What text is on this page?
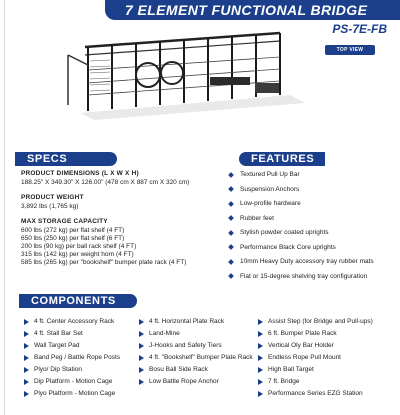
7 ELEMENT FUNCTIONAL BRIDGE
PS-7E-FB
TOP VIEW
SPECS
PRODUCT DIMENSIONS (L X W X H)
188.25" X 349.30" X 126.00" (478 cm X 887 cm X 320 cm)
PRODUCT WEIGHT
3,892 lbs (1,765 kg)
MAX STORAGE CAPACITY
600 lbs (272 kg) per flat shelf (4 FT)
650 lbs (250 kg) per flat shelf (6 FT)
200 lbs (90 kg) per ball rack shelf (4 FT)
315 lbs (142 kg) per weight horn (4 FT)
585 lbs (265 kg) per "bookshelf" bumper plate rack (4 FT)
FEATURES
Textured Pull Up Bar
Suspension Anchors
Low-profile hardware
Rubber feet
Stylish powder coated uprights
Performance Black Core uprights
10mm Heavy Duty accessory tray rubber mats
Flat or 15-degree shelving tray configuration
COMPONENTS
4 ft. Center Accessory Rack
4 ft. Stall Bar Set
Wall Target Pad
Band Peg / Battle Rope Posts
Plyo/ Dip Station
Dip Platform - Motion Cage
Plyo Platform - Motion Cage
4 ft. Horizontal Plate Rack
Land-Mine
J-Hooks and Safety Tiers
4 ft. "Bookshelf" Bumper Plate Rack
Bosu Ball Side Rack
Low Battle Rope Anchor
Assist Step (for Bridge and Pull-ups)
6 ft. Bumper Plate Rack
Vertical Oly Bar Holder
Endless Rope Pull Mount
High Ball Target
7 ft. Bridge
Performance Series EZG Station
